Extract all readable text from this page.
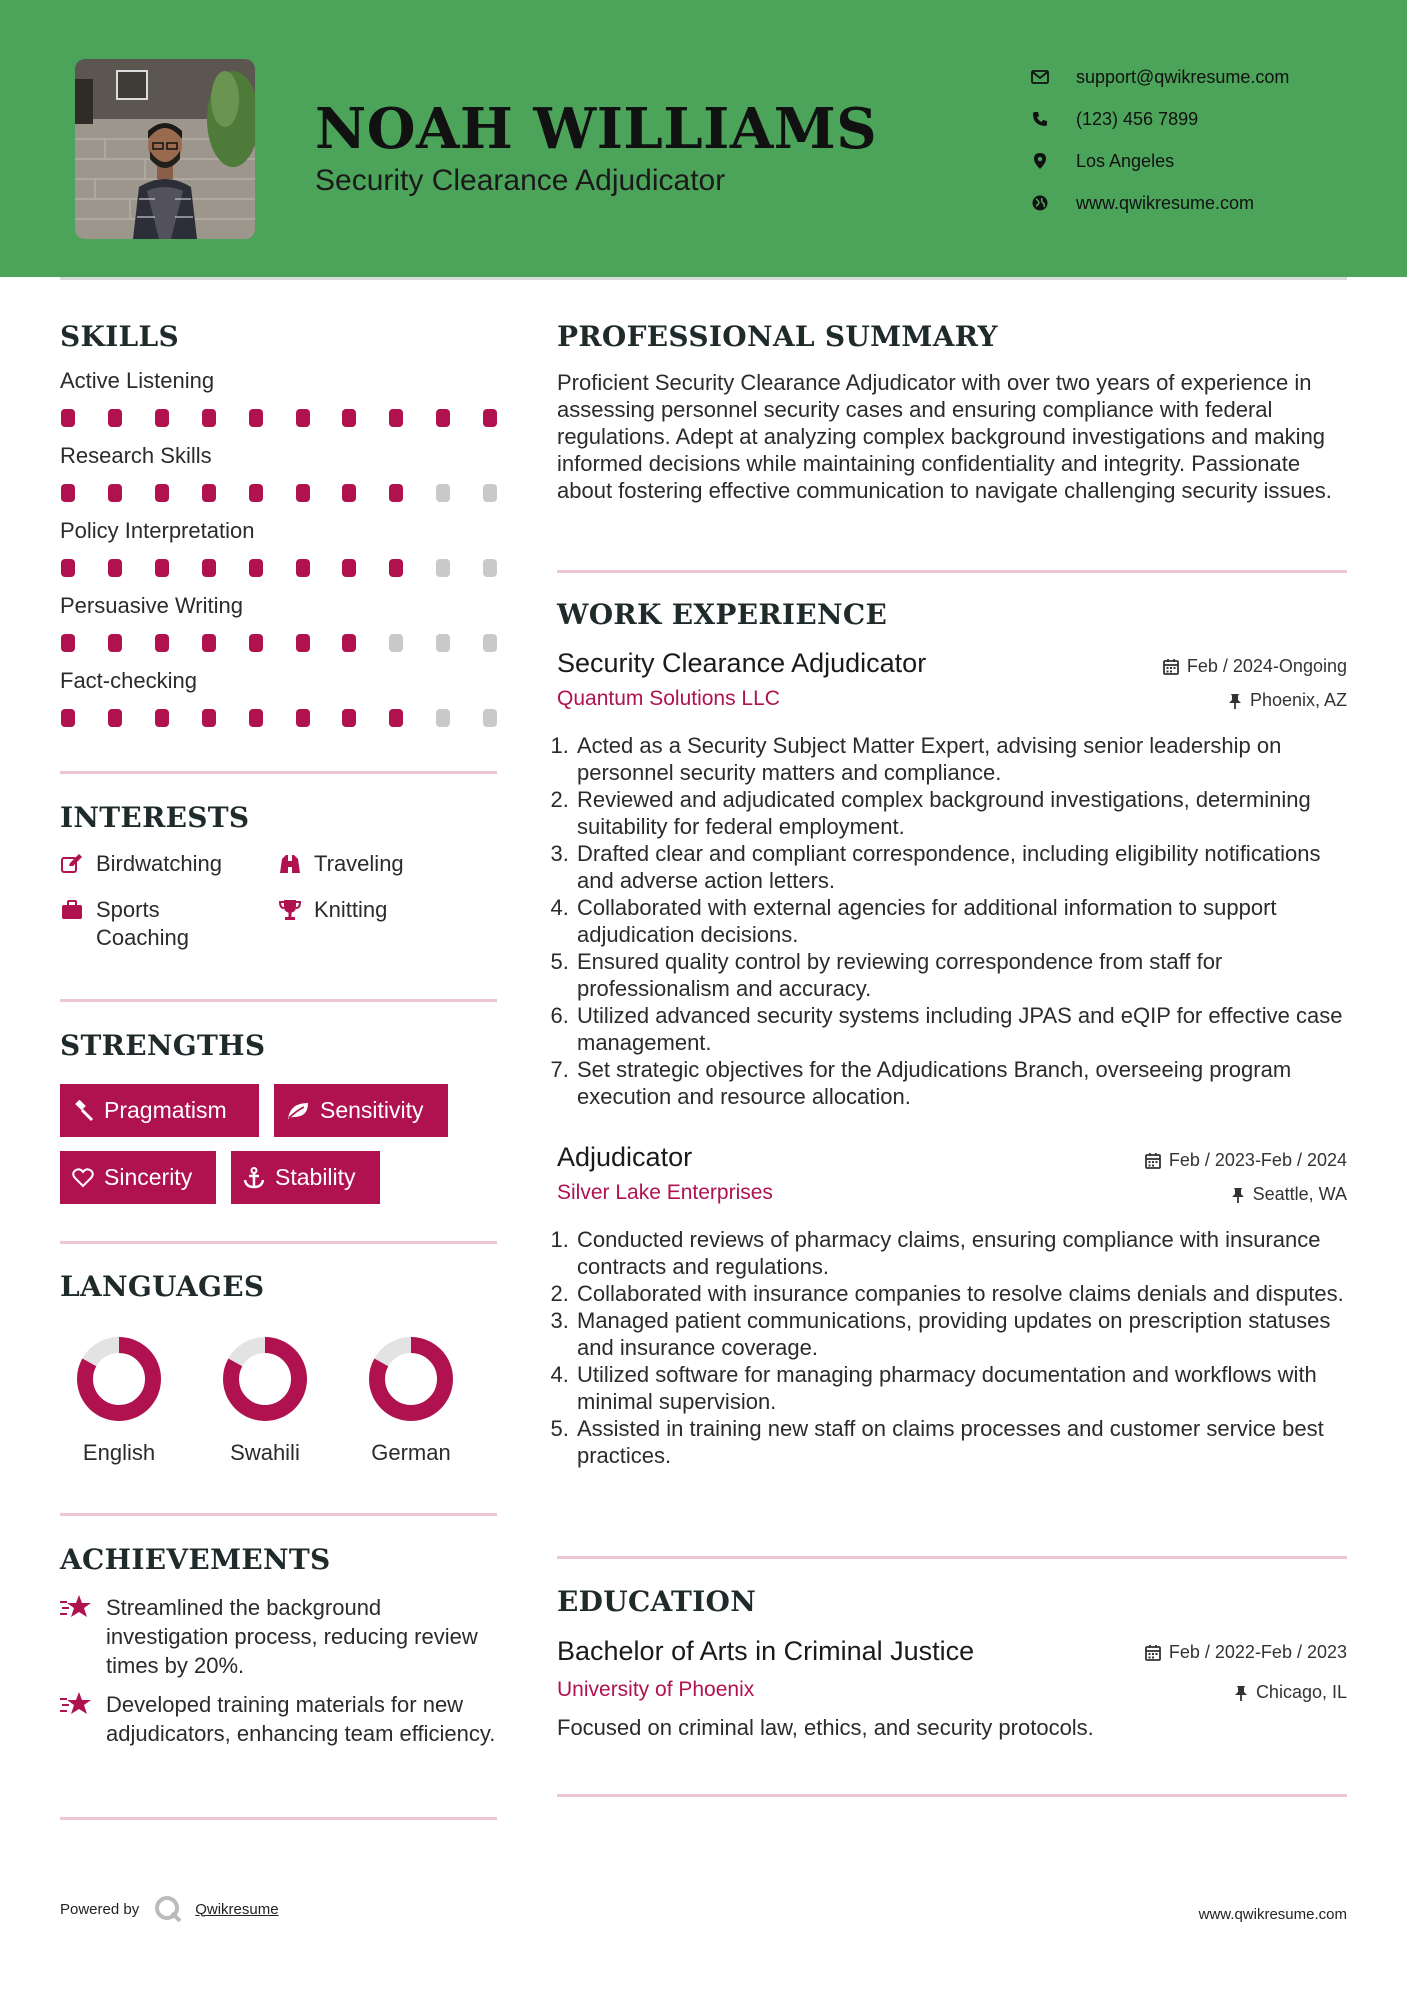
NOAH WILLIAMS
Security Clearance Adjudicator
support@qwikresume.com
(123) 456 7899
Los Angeles
www.qwikresume.com
SKILLS
Active Listening
Research Skills
Policy Interpretation
Persuasive Writing
Fact-checking
INTERESTS
Birdwatching	Traveling
Sports Coaching
Knitting
STRENGTHS
Pragmatism	Sensitivity
Sincerity	Stability
LANGUAGES
English	Swahili	German
ACHIEVEMENTS
Streamlined the background investigation process, reducing review times by 20%.
Developed training materials for new adjudicators, enhancing team efficiency.
PROFESSIONAL SUMMARY
Proficient Security Clearance Adjudicator with over two years of experience in assessing personnel security cases and ensuring compliance with federal regulations. Adept at analyzing complex background investigations and making informed decisions while maintaining confidentiality and integrity. Passionate about fostering effective communication to navigate challenging security issues.
WORK EXPERIENCE
Security Clearance Adjudicator	Feb / 2024-Ongoing
Quantum Solutions LLC	Phoenix, AZ
1. Acted as a Security Subject Matter Expert, advising senior leadership on personnel security matters and compliance.
2. Reviewed and adjudicated complex background investigations, determining suitability for federal employment.
3. Drafted clear and compliant correspondence, including eligibility notifications and adverse action letters.
4. Collaborated with external agencies for additional information to support adjudication decisions.
5. Ensured quality control by reviewing correspondence from staff for professionalism and accuracy.
6. Utilized advanced security systems including JPAS and eQIP for effective case management.
7. Set strategic objectives for the Adjudications Branch, overseeing program execution and resource allocation.
Adjudicator	Feb / 2023-Feb / 2024
Silver Lake Enterprises	Seattle, WA
1. Conducted reviews of pharmacy claims, ensuring compliance with insurance contracts and regulations.
2. Collaborated with insurance companies to resolve claims denials and disputes.
3. Managed patient communications, providing updates on prescription statuses and insurance coverage.
4. Utilized software for managing pharmacy documentation and workflows with minimal supervision.
5. Assisted in training new staff on claims processes and customer service best practices.
EDUCATION
Bachelor of Arts in Criminal Justice	Feb / 2022-Feb / 2023
University of Phoenix	Chicago, IL
Focused on criminal law, ethics, and security protocols.
Powered by	Qwikresume	www.qwikresume.com
